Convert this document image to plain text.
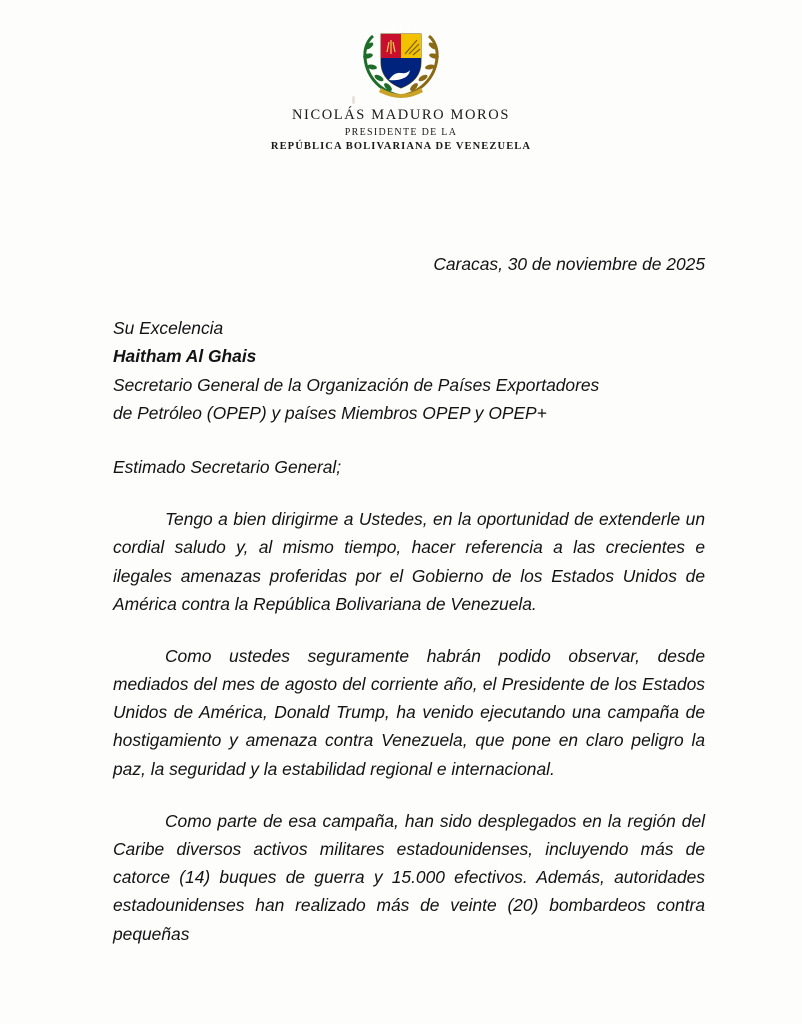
NICOLÁS MADURO MOROS
PRESIDENTE DE LA
REPÚBLICA BOLIVARIANA DE VENEZUELA
Caracas, 30 de noviembre de 2025
Su Excelencia
Haitham Al Ghais
Secretario General de la Organización de Países Exportadores
de Petróleo (OPEP) y países Miembros OPEP y OPEP+
Estimado Secretario General;

Tengo a bien dirigirme a Ustedes, en la oportunidad de extenderle un cordial saludo y, al mismo tiempo, hacer referencia a las crecientes e ilegales amenazas proferidas por el Gobierno de los Estados Unidos de América contra la República Bolivariana de Venezuela.

Como ustedes seguramente habrán podido observar, desde mediados del mes de agosto del corriente año, el Presidente de los Estados Unidos de América, Donald Trump, ha venido ejecutando una campaña de hostigamiento y amenaza contra Venezuela, que pone en claro peligro la paz, la seguridad y la estabilidad regional e internacional.

Como parte de esa campaña, han sido desplegados en la región del Caribe diversos activos militares estadounidenses, incluyendo más de catorce (14) buques de guerra y 15.000 efectivos. Además, autoridades estadounidenses han realizado más de veinte (20) bombardeos contra pequeñas
